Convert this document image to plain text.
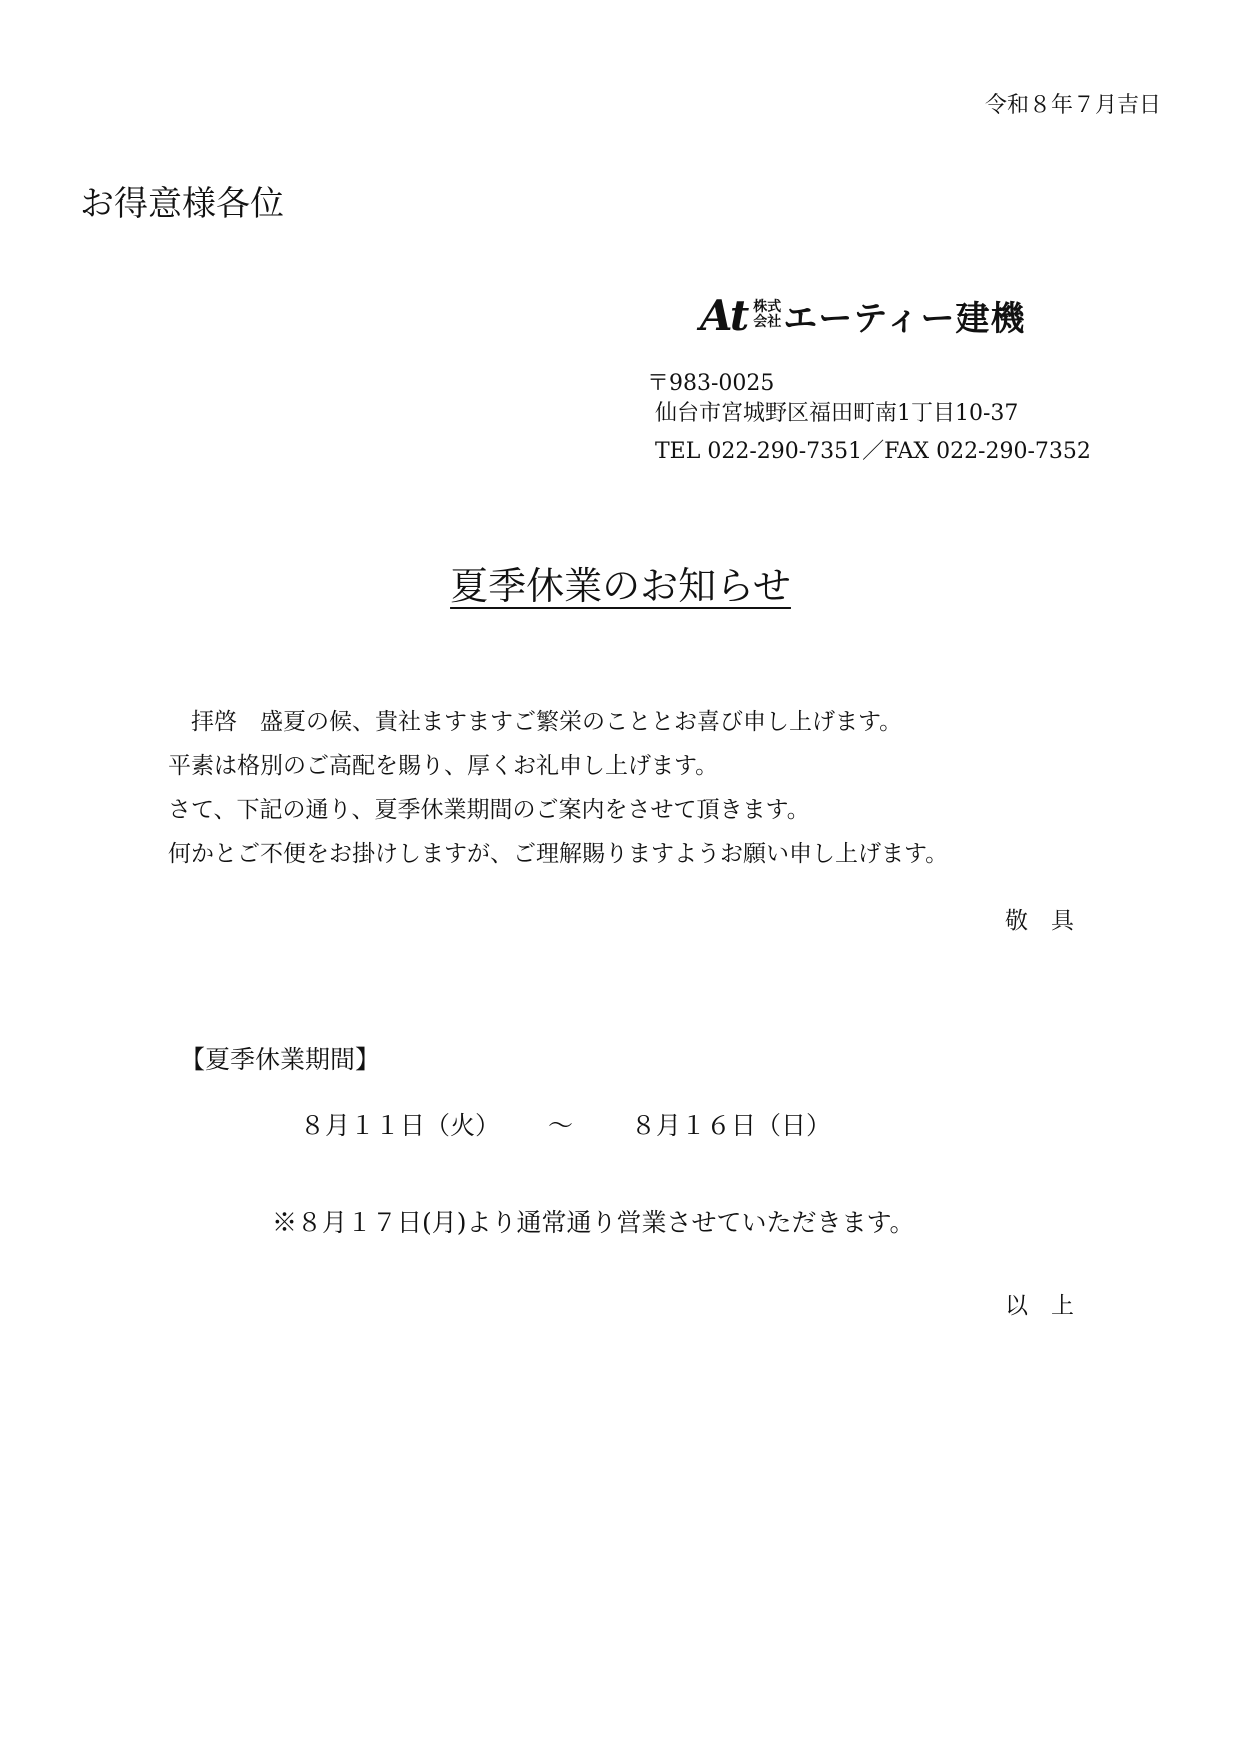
令和８年７月吉日
お得意様各位
At 株式
会社 エーティー建機
〒983-0025
仙台市宮城野区福田町南1丁目10-37
TEL 022-290-7351／FAX 022-290-7352
夏季休業のお知らせ
拝啓　盛夏の候、貴社ますますご繁栄のこととお喜び申し上げます。
平素は格別のご高配を賜り、厚くお礼申し上げます。
さて、下記の通り、夏季休業期間のご案内をさせて頂きます。
何かとご不便をお掛けしますが、ご理解賜りますようお願い申し上げます。
敬　具
【夏季休業期間】
８月１１日（火） ～ ８月１６日（日）
※８月１７日(月)より通常通り営業させていただきます。
以　上
